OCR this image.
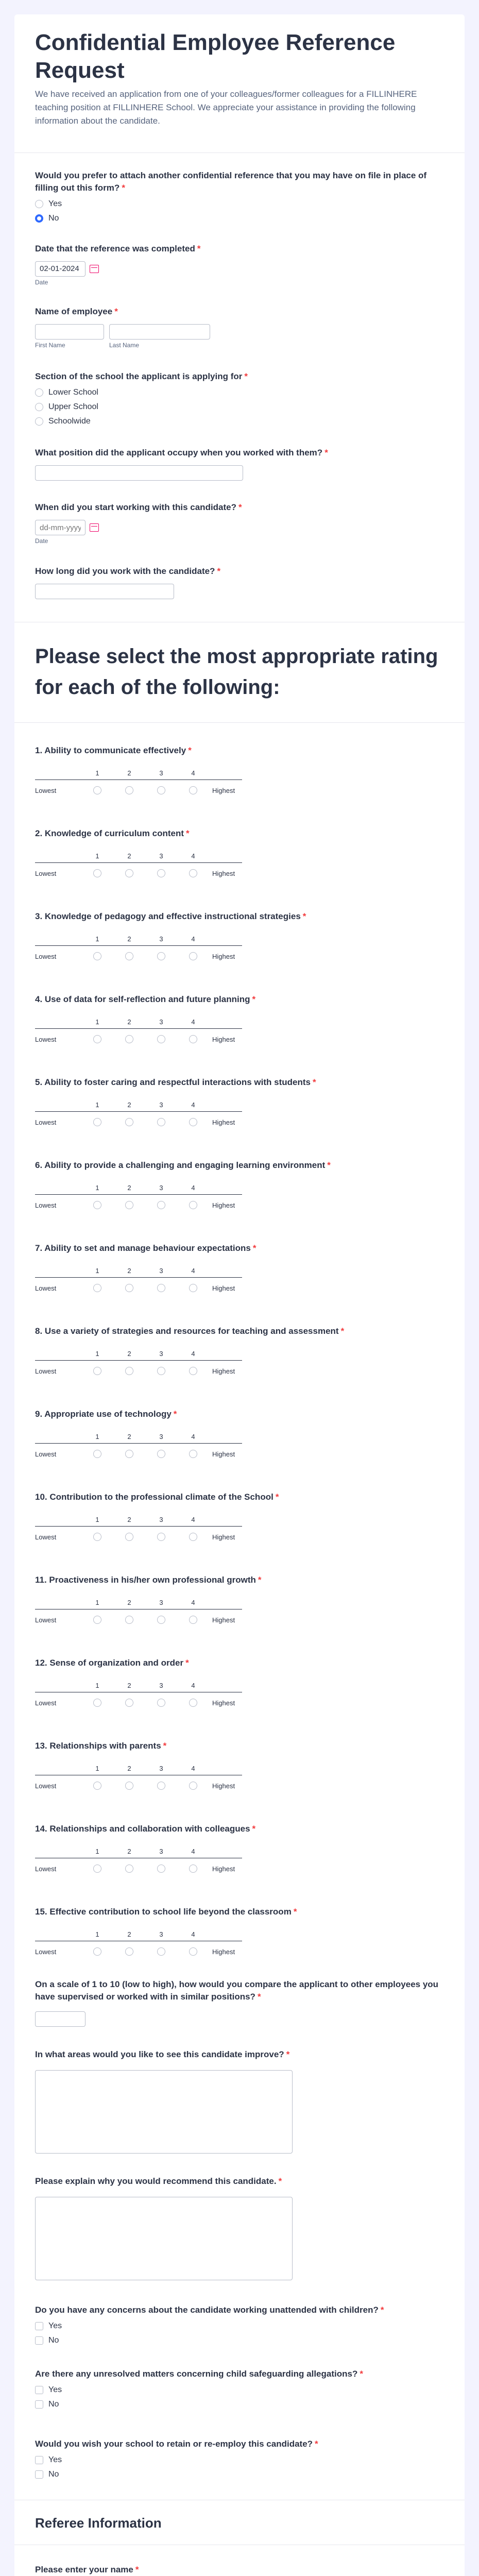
Confidential Employee Reference Request
We have received an application from one of your colleagues/former colleagues for a FILLINHERE teaching position at FILLINHERE School. We appreciate your assistance in providing the following information about the candidate.
Would you prefer to attach another confidential reference that you may have on file in place of filling out this form? *
Yes
No
Date that the reference was completed *
02-01-2024
Date
Name of employee *
First Name	Last Name
Section of the school the applicant is applying for *
Lower School
Upper School
Schoolwide
What position did the applicant occupy when you worked with them? *
When did you start working with this candidate? *
dd-mm-yyyy
Date
How long did you work with the candidate? *
Please select the most appropriate rating for each of the following:
1. Ability to communicate effectively *
1	2	3	4
Lowest	Highest
2. Knowledge of curriculum content *
1	2	3	4
Lowest	Highest
3. Knowledge of pedagogy and effective instructional strategies *
1	2	3	4
Lowest	Highest
4. Use of data for self-reflection and future planning *
1	2	3	4
Lowest	Highest
5. Ability to foster caring and respectful interactions with students *
1	2	3	4
Lowest	Highest
6. Ability to provide a challenging and engaging learning environment *
1	2	3	4
Lowest	Highest
7. Ability to set and manage behaviour expectations *
1	2	3	4
Lowest	Highest
8. Use a variety of strategies and resources for teaching and assessment *
1	2	3	4
Lowest	Highest
9. Appropriate use of technology *
1	2	3	4
Lowest	Highest
10. Contribution to the professional climate of the School *
1	2	3	4
Lowest	Highest
11. Proactiveness in his/her own professional growth *
1	2	3	4
Lowest	Highest
12. Sense of organization and order *
1	2	3	4
Lowest	Highest
13. Relationships with parents *
1	2	3	4
Lowest	Highest
14. Relationships and collaboration with colleagues *
1	2	3	4
Lowest	Highest
15. Effective contribution to school life beyond the classroom *
1	2	3	4
Lowest	Highest
On a scale of 1 to 10 (low to high), how would you compare the applicant to other employees you have supervised or worked with in similar positions? *
In what areas would you like to see this candidate improve? *
Please explain why you would recommend this candidate. *
Do you have any concerns about the candidate working unattended with children? *
Yes
No
Are there any unresolved matters concerning child safeguarding allegations? *
Yes
No
Would you wish your school to retain or re-employ this candidate? *
Yes
No
Referee Information
Please enter your name *
